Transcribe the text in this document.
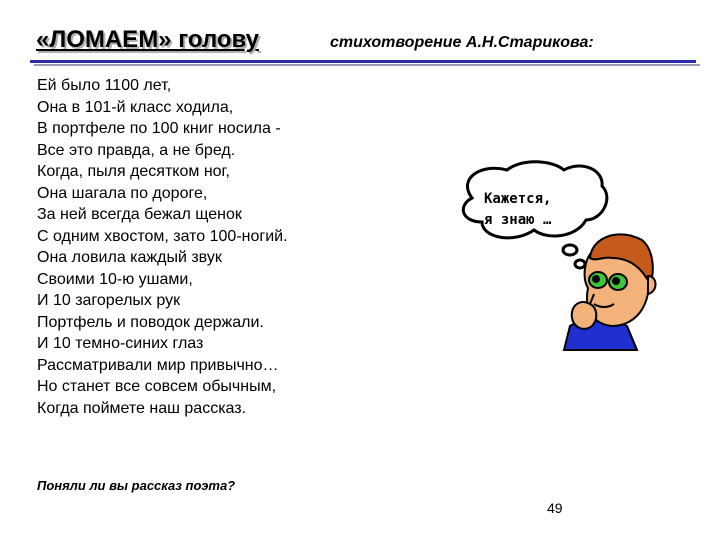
«ЛОМАЕМ» голову	стихотворение А.Н.Старикова:
Ей было 1100 лет,
Она в 101-й класс ходила,
В портфеле по 100 книг носила -
Все это правда, а не бред.
Когда, пыля десятком ног,
Она шагала по дороге,
За ней всегда бежал щенок
С одним хвостом, зато 100-ногий.
Она ловила каждый звук
Своими 10-ю ушами,
И 10 загорелых рук
Портфель и поводок держали.
И 10 темно-синих глаз
Рассматривали мир привычно…
Но станет все совсем обычным,
Когда поймете наш рассказ.
Поняли ли вы рассказ поэта?
49
Кажется,
я знаю …
